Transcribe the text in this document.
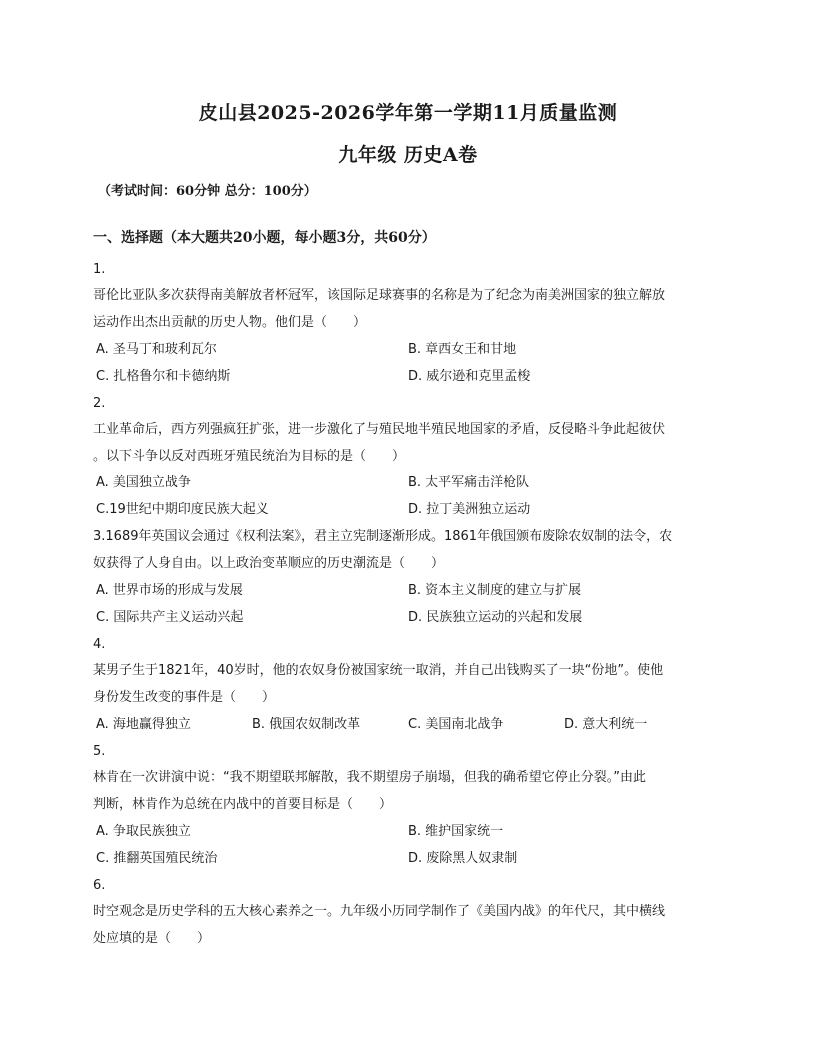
皮山县2025-2026学年第一学期11月质量监测
九年级 历史A卷
（考试时间：60分钟 总分：100分）
一、选择题（本大题共20小题，每小题3分，共60分）
1.
哥伦比亚队多次获得南美解放者杯冠军，该国际足球赛事的名称是为了纪念为南美洲国家的独立解放
运动作出杰出贡献的历史人物。他们是（　　）
A. 圣马丁和玻利瓦尔	B. 章西女王和甘地
C. 扎格鲁尔和卡德纳斯	D. 威尔逊和克里孟梭
2.
工业革命后，西方列强疯狂扩张，进一步激化了与殖民地半殖民地国家的矛盾，反侵略斗争此起彼伏
。以下斗争以反对西班牙殖民统治为目标的是（　　）
A. 美国独立战争	B. 太平军痛击洋枪队
C.19世纪中期印度民族大起义	D. 拉丁美洲独立运动
3.1689年英国议会通过《权利法案》，君主立宪制逐渐形成。1861年俄国颁布废除农奴制的法令，农
奴获得了人身自由。以上政治变革顺应的历史潮流是（　　）
A. 世界市场的形成与发展	B. 资本主义制度的建立与扩展
C. 国际共产主义运动兴起	D. 民族独立运动的兴起和发展
4.
某男子生于1821年，40岁时，他的农奴身份被国家统一取消，并自己出钱购买了一块“份地”。使他
身份发生改变的事件是（　　）
A. 海地赢得独立	B. 俄国农奴制改革	C. 美国南北战争	D. 意大利统一
5.
林肯在一次讲演中说：“我不期望联邦解散，我不期望房子崩塌，但我的确希望它停止分裂。”由此
判断，林肯作为总统在内战中的首要目标是（　　）
A. 争取民族独立	B. 维护国家统一
C. 推翻英国殖民统治	D. 废除黑人奴隶制
6.
时空观念是历史学科的五大核心素养之一。九年级小历同学制作了《美国内战》的年代尺，其中横线
处应填的是（　　）
